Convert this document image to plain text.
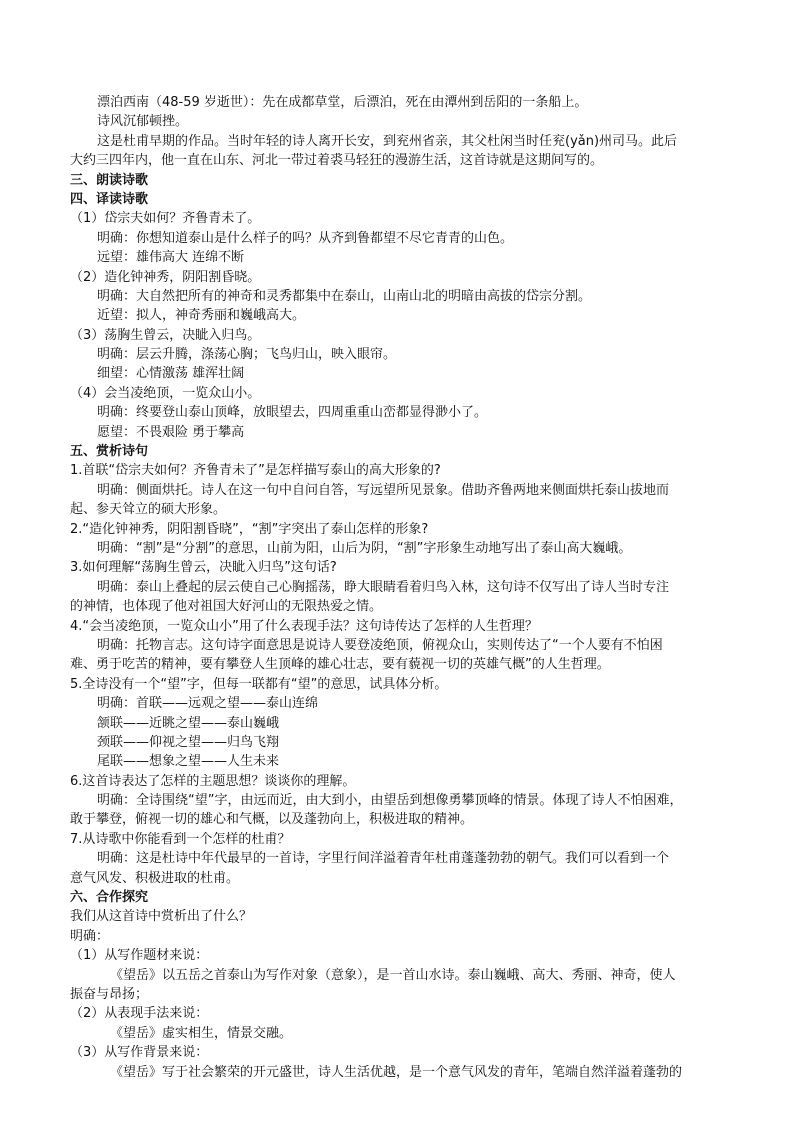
漂泊西南（48-59 岁逝世）：先在成都草堂，后漂泊，死在由潭州到岳阳的一条船上。
诗风沉郁顿挫。
这是杜甫早期的作品。当时年轻的诗人离开长安，到兖州省亲，其父杜闲当时任兖(yǎn)州司马。此后
大约三四年内，他一直在山东、河北一带过着裘马轻狂的漫游生活，这首诗就是这期间写的。
三、朗读诗歌
四、译读诗歌
（1）岱宗夫如何？齐鲁青未了。
明确：你想知道泰山是什么样子的吗？从齐到鲁都望不尽它青青的山色。
远望：雄伟高大 连绵不断
（2）造化钟神秀，阴阳割昏晓。
明确：大自然把所有的神奇和灵秀都集中在泰山，山南山北的明暗由高拔的岱宗分割。
近望：拟人，神奇秀丽和巍峨高大。
（3）荡胸生曾云，决眦入归鸟。
明确：层云升腾，涤荡心胸；飞鸟归山，映入眼帘。
细望：心情激荡 雄浑壮阔
（4）会当凌绝顶，一览众山小。
明确：终要登山泰山顶峰，放眼望去，四周重重山峦都显得渺小了。
愿望：不畏艰险 勇于攀高
五、赏析诗句
1.首联“岱宗夫如何？齐鲁青未了”是怎样描写泰山的高大形象的?
明确：侧面烘托。诗人在这一句中自问自答，写远望所见景象。借助齐鲁两地来侧面烘托泰山拔地而
起、参天耸立的硕大形象。
2.“造化钟神秀，阴阳割昏晓”，“割”字突出了泰山怎样的形象?
明确：“割”是“分割”的意思，山前为阳，山后为阴，“割”字形象生动地写出了泰山高大巍峨。
3.如何理解“荡胸生曾云，决眦入归鸟”这句话?
明确：泰山上叠起的层云使自己心胸摇荡，睁大眼睛看着归鸟入林，这句诗不仅写出了诗人当时专注
的神情，也体现了他对祖国大好河山的无限热爱之情。
4.“会当凌绝顶，一览众山小”用了什么表现手法？这句诗传达了怎样的人生哲理？
明确：托物言志。这句诗字面意思是说诗人要登凌绝顶，俯视众山，实则传达了“一个人要有不怕困
难、勇于吃苦的精神，要有攀登人生顶峰的雄心壮志，要有藐视一切的英雄气概”的人生哲理。
5.全诗没有一个“望”字，但每一联都有“望”的意思，试具体分析。
明确：首联——远观之望——泰山连绵
颔联——近眺之望——泰山巍峨
颈联——仰视之望——归鸟飞翔
尾联——想象之望——人生未来
6.这首诗表达了怎样的主题思想？谈谈你的理解。
明确：全诗围绕“望”字，由远而近，由大到小，由望岳到想像勇攀顶峰的情景。体现了诗人不怕困难，
敢于攀登，俯视一切的雄心和气概，以及蓬勃向上，积极进取的精神。
7.从诗歌中你能看到一个怎样的杜甫？
明确：这是杜诗中年代最早的一首诗，字里行间洋溢着青年杜甫蓬蓬勃勃的朝气。我们可以看到一个
意气风发、积极进取的杜甫。
六、合作探究
我们从这首诗中赏析出了什么？
明确：
（1）从写作题材来说：
《望岳》以五岳之首泰山为写作对象（意象），是一首山水诗。泰山巍峨、高大、秀丽、神奇，使人
振奋与昂扬；
（2）从表现手法来说：
《望岳》虚实相生，情景交融。
（3）从写作背景来说：
《望岳》写于社会繁荣的开元盛世，诗人生活优越，是一个意气风发的青年，笔端自然洋溢着蓬勃的
